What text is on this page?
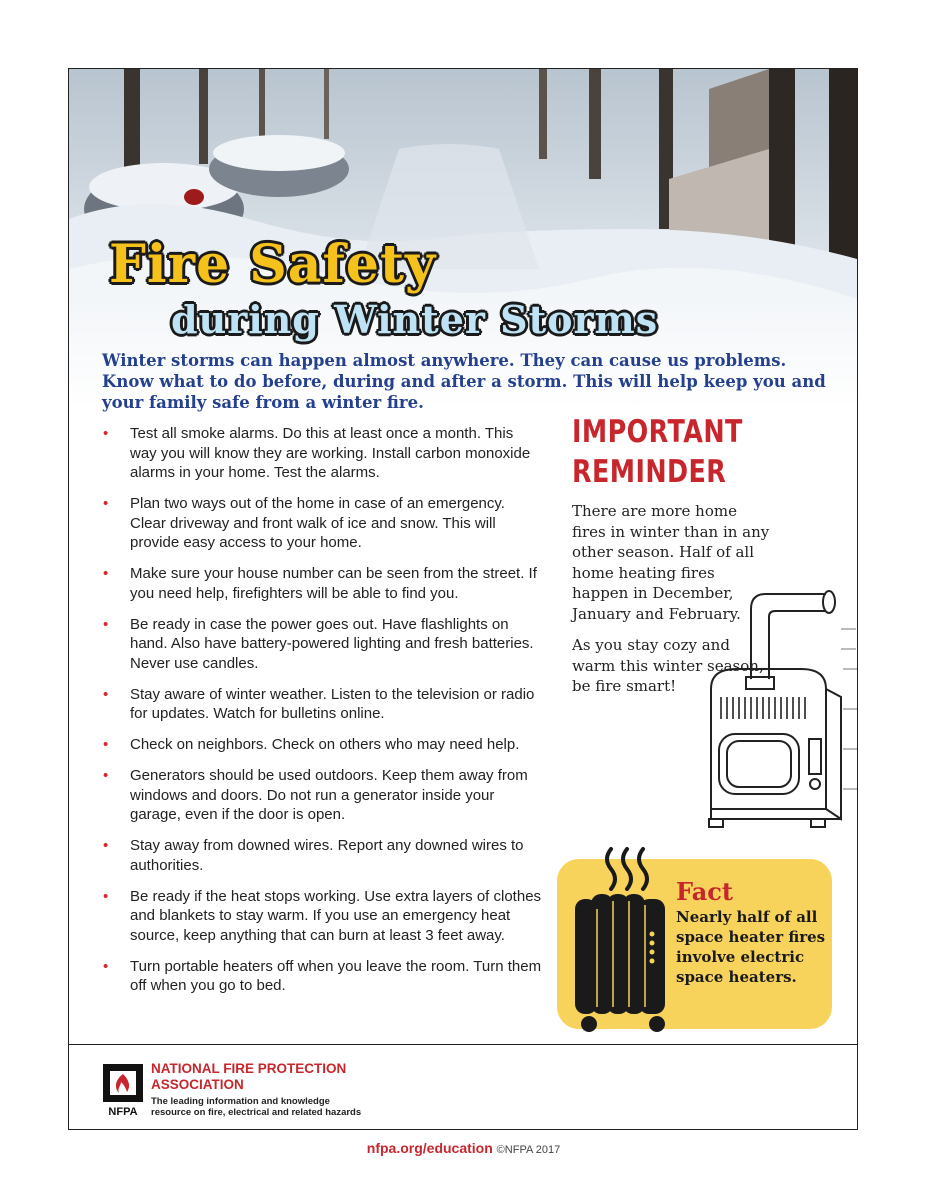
Fire Safety
during Winter Storms
Winter storms can happen almost anywhere. They can cause us problems. Know what to do before, during and after a storm. This will help keep you and your family safe from a winter fire.
• Test all smoke alarms. Do this at least once a month. This way you will know they are working. Install carbon monoxide alarms in your home. Test the alarms.
• Plan two ways out of the home in case of an emergency. Clear driveway and front walk of ice and snow. This will provide easy access to your home.
• Make sure your house number can be seen from the street. If you need help, firefighters will be able to find you.
• Be ready in case the power goes out. Have flashlights on hand. Also have battery-powered lighting and fresh batteries. Never use candles.
• Stay aware of winter weather. Listen to the television or radio for updates. Watch for bulletins online.
• Check on neighbors. Check on others who may need help.
• Generators should be used outdoors. Keep them away from windows and doors. Do not run a generator inside your garage, even if the door is open.
• Stay away from downed wires. Report any downed wires to authorities.
• Be ready if the heat stops working. Use extra layers of clothes and blankets to stay warm. If you use an emergency heat source, keep anything that can burn at least 3 feet away.
• Turn portable heaters off when you leave the room. Turn them off when you go to bed.
IMPORTANT
REMINDER

There are more home fires in winter than in any other season. Half of all home heating fires happen in December, January and February.

As you stay cozy and warm this winter season, be fire smart!

Fact
Nearly half of all space heater fires involve electric space heaters.
NFPA
NATIONAL FIRE PROTECTION ASSOCIATION
The leading information and knowledge resource on fire, electrical and related hazards
nfpa.org/education ©NFPA 2017
